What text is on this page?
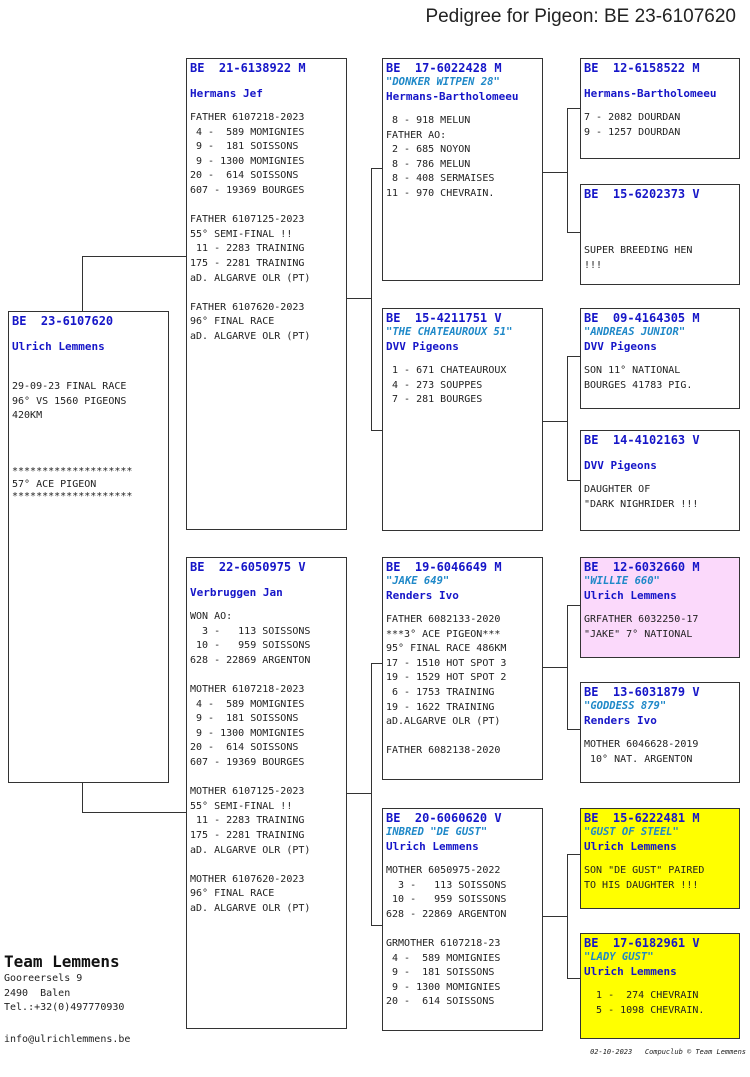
Pedigree for Pigeon: BE 23-6107620
BE  23-6107620
Ulrich Lemmens
29-09-23 FINAL RACE
96° VS 1560 PIGEONS
420KM
********************
57° ACE PIGEON
********************
BE  21-6138922 M
Hermans Jef
FATHER 6107218-2023
4 -  589 MOMIGNIES
9 -  181 SOISSONS
9 - 1300 MOMIGNIES
20 -  614 SOISSONS
607 - 19369 BOURGES

FATHER 6107125-2023
55° SEMI-FINAL !!
11 - 2283 TRAINING
175 - 2281 TRAINING
aD. ALGARVE OLR (PT)

FATHER 6107620-2023
96° FINAL RACE
aD. ALGARVE OLR (PT)
BE  22-6050975 V
Verbruggen Jan
WON AO:
3 -   113 SOISSONS
10 -   959 SOISSONS
628 - 22869 ARGENTON

MOTHER 6107218-2023
4 -  589 MOMIGNIES
9 -  181 SOISSONS
9 - 1300 MOMIGNIES
20 -  614 SOISSONS
607 - 19369 BOURGES

MOTHER 6107125-2023
55° SEMI-FINAL !!
11 - 2283 TRAINING
175 - 2281 TRAINING
aD. ALGARVE OLR (PT)

MOTHER 6107620-2023
96° FINAL RACE
aD. ALGARVE OLR (PT)
BE  17-6022428 M
"DONKER WITPEN 28"
Hermans-Bartholomeeu
8 - 918 MELUN
FATHER AO:
2 - 685 NOYON
8 - 786 MELUN
8 - 408 SERMAISES
11 - 970 CHEVRAIN.
BE  15-4211751 V
"THE CHATEAUROUX 51"
DVV Pigeons
1 - 671 CHATEAUROUX
4 - 273 SOUPPES
7 - 281 BOURGES
BE  19-6046649 M
"JAKE 649"
Renders Ivo
FATHER 6082133-2020
***3° ACE PIGEON***
95° FINAL RACE 486KM
17 - 1510 HOT SPOT 3
19 - 1529 HOT SPOT 2
6 - 1753 TRAINING
19 - 1622 TRAINING
aD.ALGARVE OLR (PT)

FATHER 6082138-2020
BE  20-6060620 V
INBRED "DE GUST"
Ulrich Lemmens
MOTHER 6050975-2022
3 -   113 SOISSONS
10 -   959 SOISSONS
628 - 22869 ARGENTON

GRMOTHER 6107218-23
4 -  589 MOMIGNIES
9 -  181 SOISSONS
9 - 1300 MOMIGNIES
20 -  614 SOISSONS
BE  12-6158522 M
Hermans-Bartholomeeu
7 - 2082 DOURDAN
9 - 1257 DOURDAN
BE  15-6202373 V
SUPER BREEDING HEN
!!!
BE  09-4164305 M
"ANDREAS JUNIOR"
DVV Pigeons
SON 11° NATIONAL
BOURGES 41783 PIG.
BE  14-4102163 V
DVV Pigeons
DAUGHTER OF
"DARK NIGHRIDER !!!
BE  12-6032660 M
"WILLIE 660"
Ulrich Lemmens
GRFATHER 6032250-17
"JAKE" 7° NATIONAL
BE  13-6031879 V
"GODDESS 879"
Renders Ivo
MOTHER 6046628-2019
10° NAT. ARGENTON
BE  15-6222481 M
"GUST OF STEEL"
Ulrich Lemmens
SON "DE GUST" PAIRED
TO HIS DAUGHTER !!!
BE  17-6182961 V
"LADY GUST"
Ulrich Lemmens
1 -  274 CHEVRAIN
5 - 1098 CHEVRAIN.
Team Lemmens
Gooreersels 9
2490  Balen
Tel.:+32(0)497770930
info@ulrichlemmens.be
02-10-2023   Compuclub © Team Lemmens
